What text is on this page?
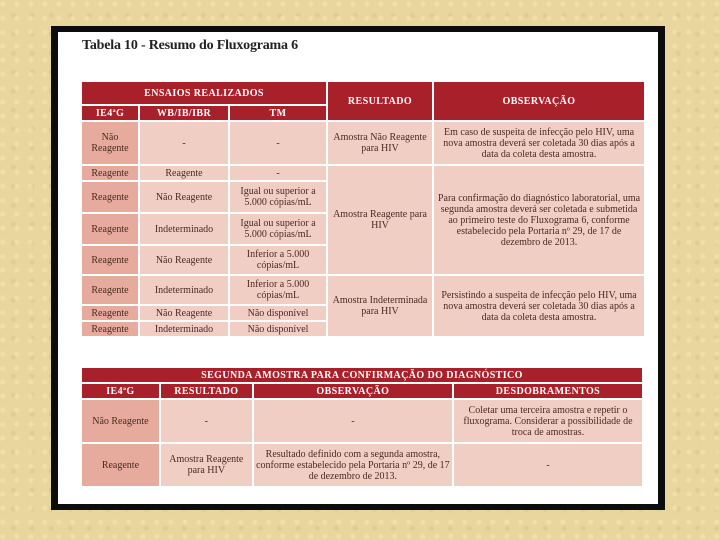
Tabela 10 - Resumo do Fluxograma 6
ENSAIOS REALIZADOS			RESULTADO	OBSERVAÇÃO
IE4ªG	WB/IB/IBR	TM		
Não Reagente	-	-	Amostra Não Reagente para HIV	Em caso de suspeita de infecção pelo HIV, uma nova amostra deverá ser coletada 30 dias após a data da coleta desta amostra.
Reagente	Reagente	-	Amostra Reagente para HIV	Para confirmação do diagnóstico laboratorial, uma segunda amostra deverá ser coletada e submetida ao primeiro teste do Fluxograma 6, conforme estabelecido pela Portaria nº 29, de 17 de dezembro de 2013.
Reagente	Não Reagente	Igual ou superior a 5.000 cópias/mL		
Reagente	Indeterminado	Igual ou superior a 5.000 cópias/mL		
Reagente	Não Reagente	Inferior a 5.000 cópias/mL		
Reagente	Indeterminado	Inferior a 5.000 cópias/mL	Amostra Indeterminada para HIV	Persistindo a suspeita de infecção pelo HIV, uma nova amostra deverá ser coletada 30 dias após a data da coleta desta amostra.
Reagente	Não Reagente	Não disponível		
Reagente	Indeterminado	Não disponível		
SEGUNDA AMOSTRA PARA CONFIRMAÇÃO DO DIAGNÓSTICO			
IE4ªG	RESULTADO	OBSERVAÇÃO	DESDOBRAMENTOS
Não Reagente	-	-	Coletar uma terceira amostra e repetir o fluxograma. Considerar a possibilidade de troca de amostras.
Reagente	Amostra Reagente para HIV	Resultado definido com a segunda amostra, conforme estabelecido pela Portaria nº 29, de 17 de dezembro de 2013.	-
